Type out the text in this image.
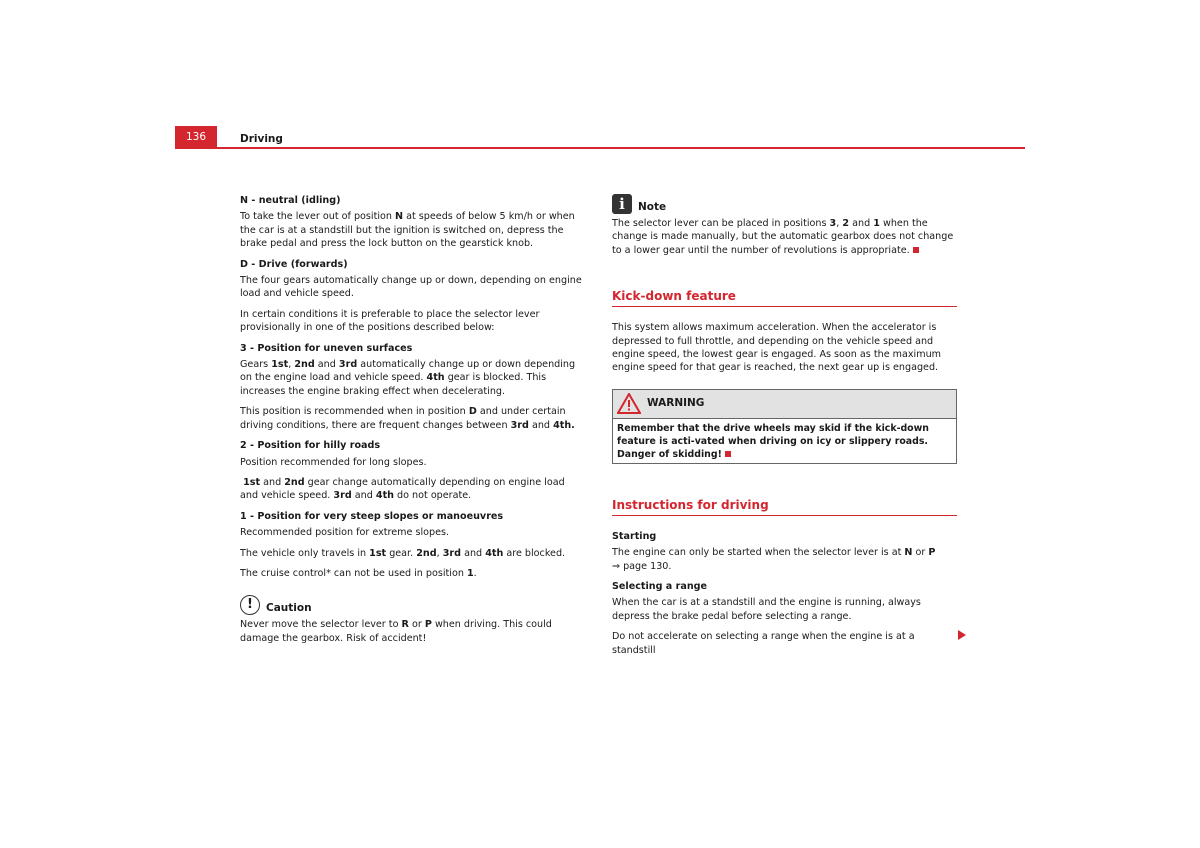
136	Driving

N - neutral (idling)

To take the lever out of position N at speeds of below 5 km/h or when the car is at a standstill but the ignition is switched on, depress the brake pedal and press the lock button on the gearstick knob.

D - Drive (forwards)

The four gears automatically change up or down, depending on engine load and vehicle speed.

In certain conditions it is preferable to place the selector lever provisionally in one of the positions described below:

3 - Position for uneven surfaces

Gears 1st, 2nd and 3rd automatically change up or down depending on the engine load and vehicle speed. 4th gear is blocked. This increases the engine braking effect when decelerating.

This position is recommended when in position D and under certain driving conditions, there are frequent changes between 3rd and 4th.

2 - Position for hilly roads

Position recommended for long slopes.

1st and 2nd gear change automatically depending on engine load and vehicle speed. 3rd and 4th do not operate.

1 - Position for very steep slopes or manoeuvres

Recommended position for extreme slopes.

The vehicle only travels in 1st gear. 2nd, 3rd and 4th are blocked.

The cruise control* can not be used in position 1.

!	Caution

Never move the selector lever to R or P when driving. This could damage the gearbox. Risk of accident!

i	Note

The selector lever can be placed in positions 3, 2 and 1 when the change is made manually, but the automatic gearbox does not change to a lower gear until the number of revolutions is appropriate.

Kick-down feature

This system allows maximum acceleration. When the accelerator is depressed to full throttle, and depending on the vehicle speed and engine speed, the lowest gear is engaged. As soon as the maximum engine speed for that gear is reached, the next gear up is engaged.

WARNING
Remember that the drive wheels may skid if the kick-down feature is acti-vated when driving on icy or slippery roads. Danger of skidding!
Instructions for driving

Starting

The engine can only be started when the selector lever is at N or P
⇒ page 130.

Selecting a range

When the car is at a standstill and the engine is running, always depress the brake pedal before selecting a range.

Do not accelerate on selecting a range when the engine is at a standstill
